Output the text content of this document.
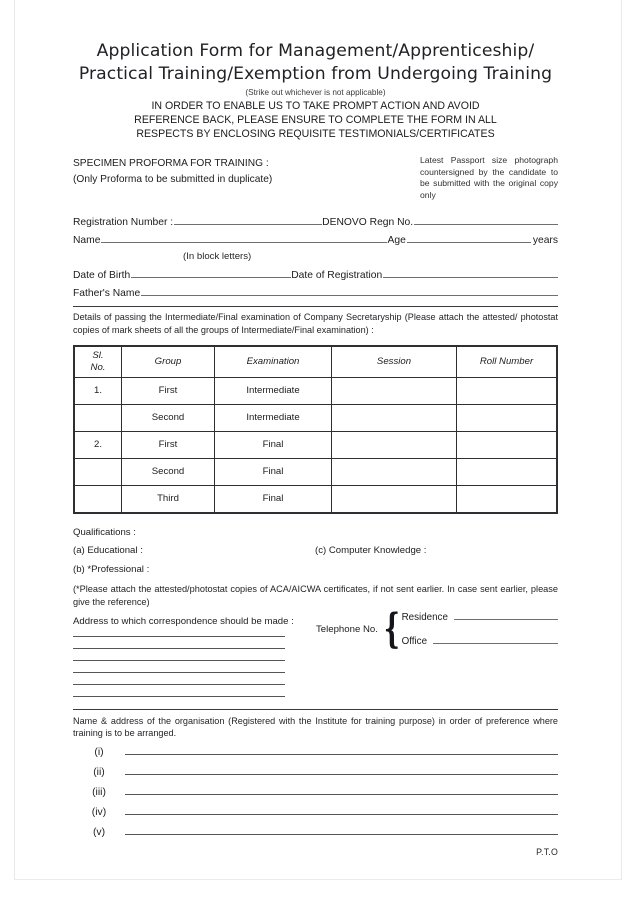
Application Form for Management/Apprenticeship/
Practical Training/Exemption from Undergoing Training
(Strike out whichever is not applicable)
IN ORDER TO ENABLE US TO TAKE PROMPT ACTION AND AVOID
REFERENCE BACK, PLEASE ENSURE TO COMPLETE THE FORM IN ALL
RESPECTS BY ENCLOSING REQUISITE TESTIMONIALS/CERTIFICATES
SPECIMEN PROFORMA FOR TRAINING :
(Only Proforma to be submitted in duplicate)
Latest Passport size photograph countersigned by the candidate to be submitted with the original copy only
Registration Number :	DENOVO Regn No.
Name	Age	years
(In block letters)
Date of Birth	Date of Registration
Father's Name
Details of passing the Intermediate/Final examination of Company Secretaryship (Please attach the attested/ photostat copies of mark sheets of all the groups of Intermediate/Final examination) :
Sl.
No.	Group	Examination	Session	Roll Number
1.	First	Intermediate		
	Second	Intermediate		
2.	First	Final		
	Second	Final		
	Third	Final		
Qualifications :
(a) Educational :	(c) Computer Knowledge :
(b) *Professional :
(*Please attach the attested/photostat copies of ACA/AICWA certificates, if not sent earlier. In case sent earlier, please give the reference)
Address to which correspondence should be made :
Telephone No. { Residence
Office
Name & address of the organisation (Registered with the Institute for training purpose) in order of preference where training is to be arranged.
(i)
(ii)
(iii)
(iv)
(v)
P.T.O
